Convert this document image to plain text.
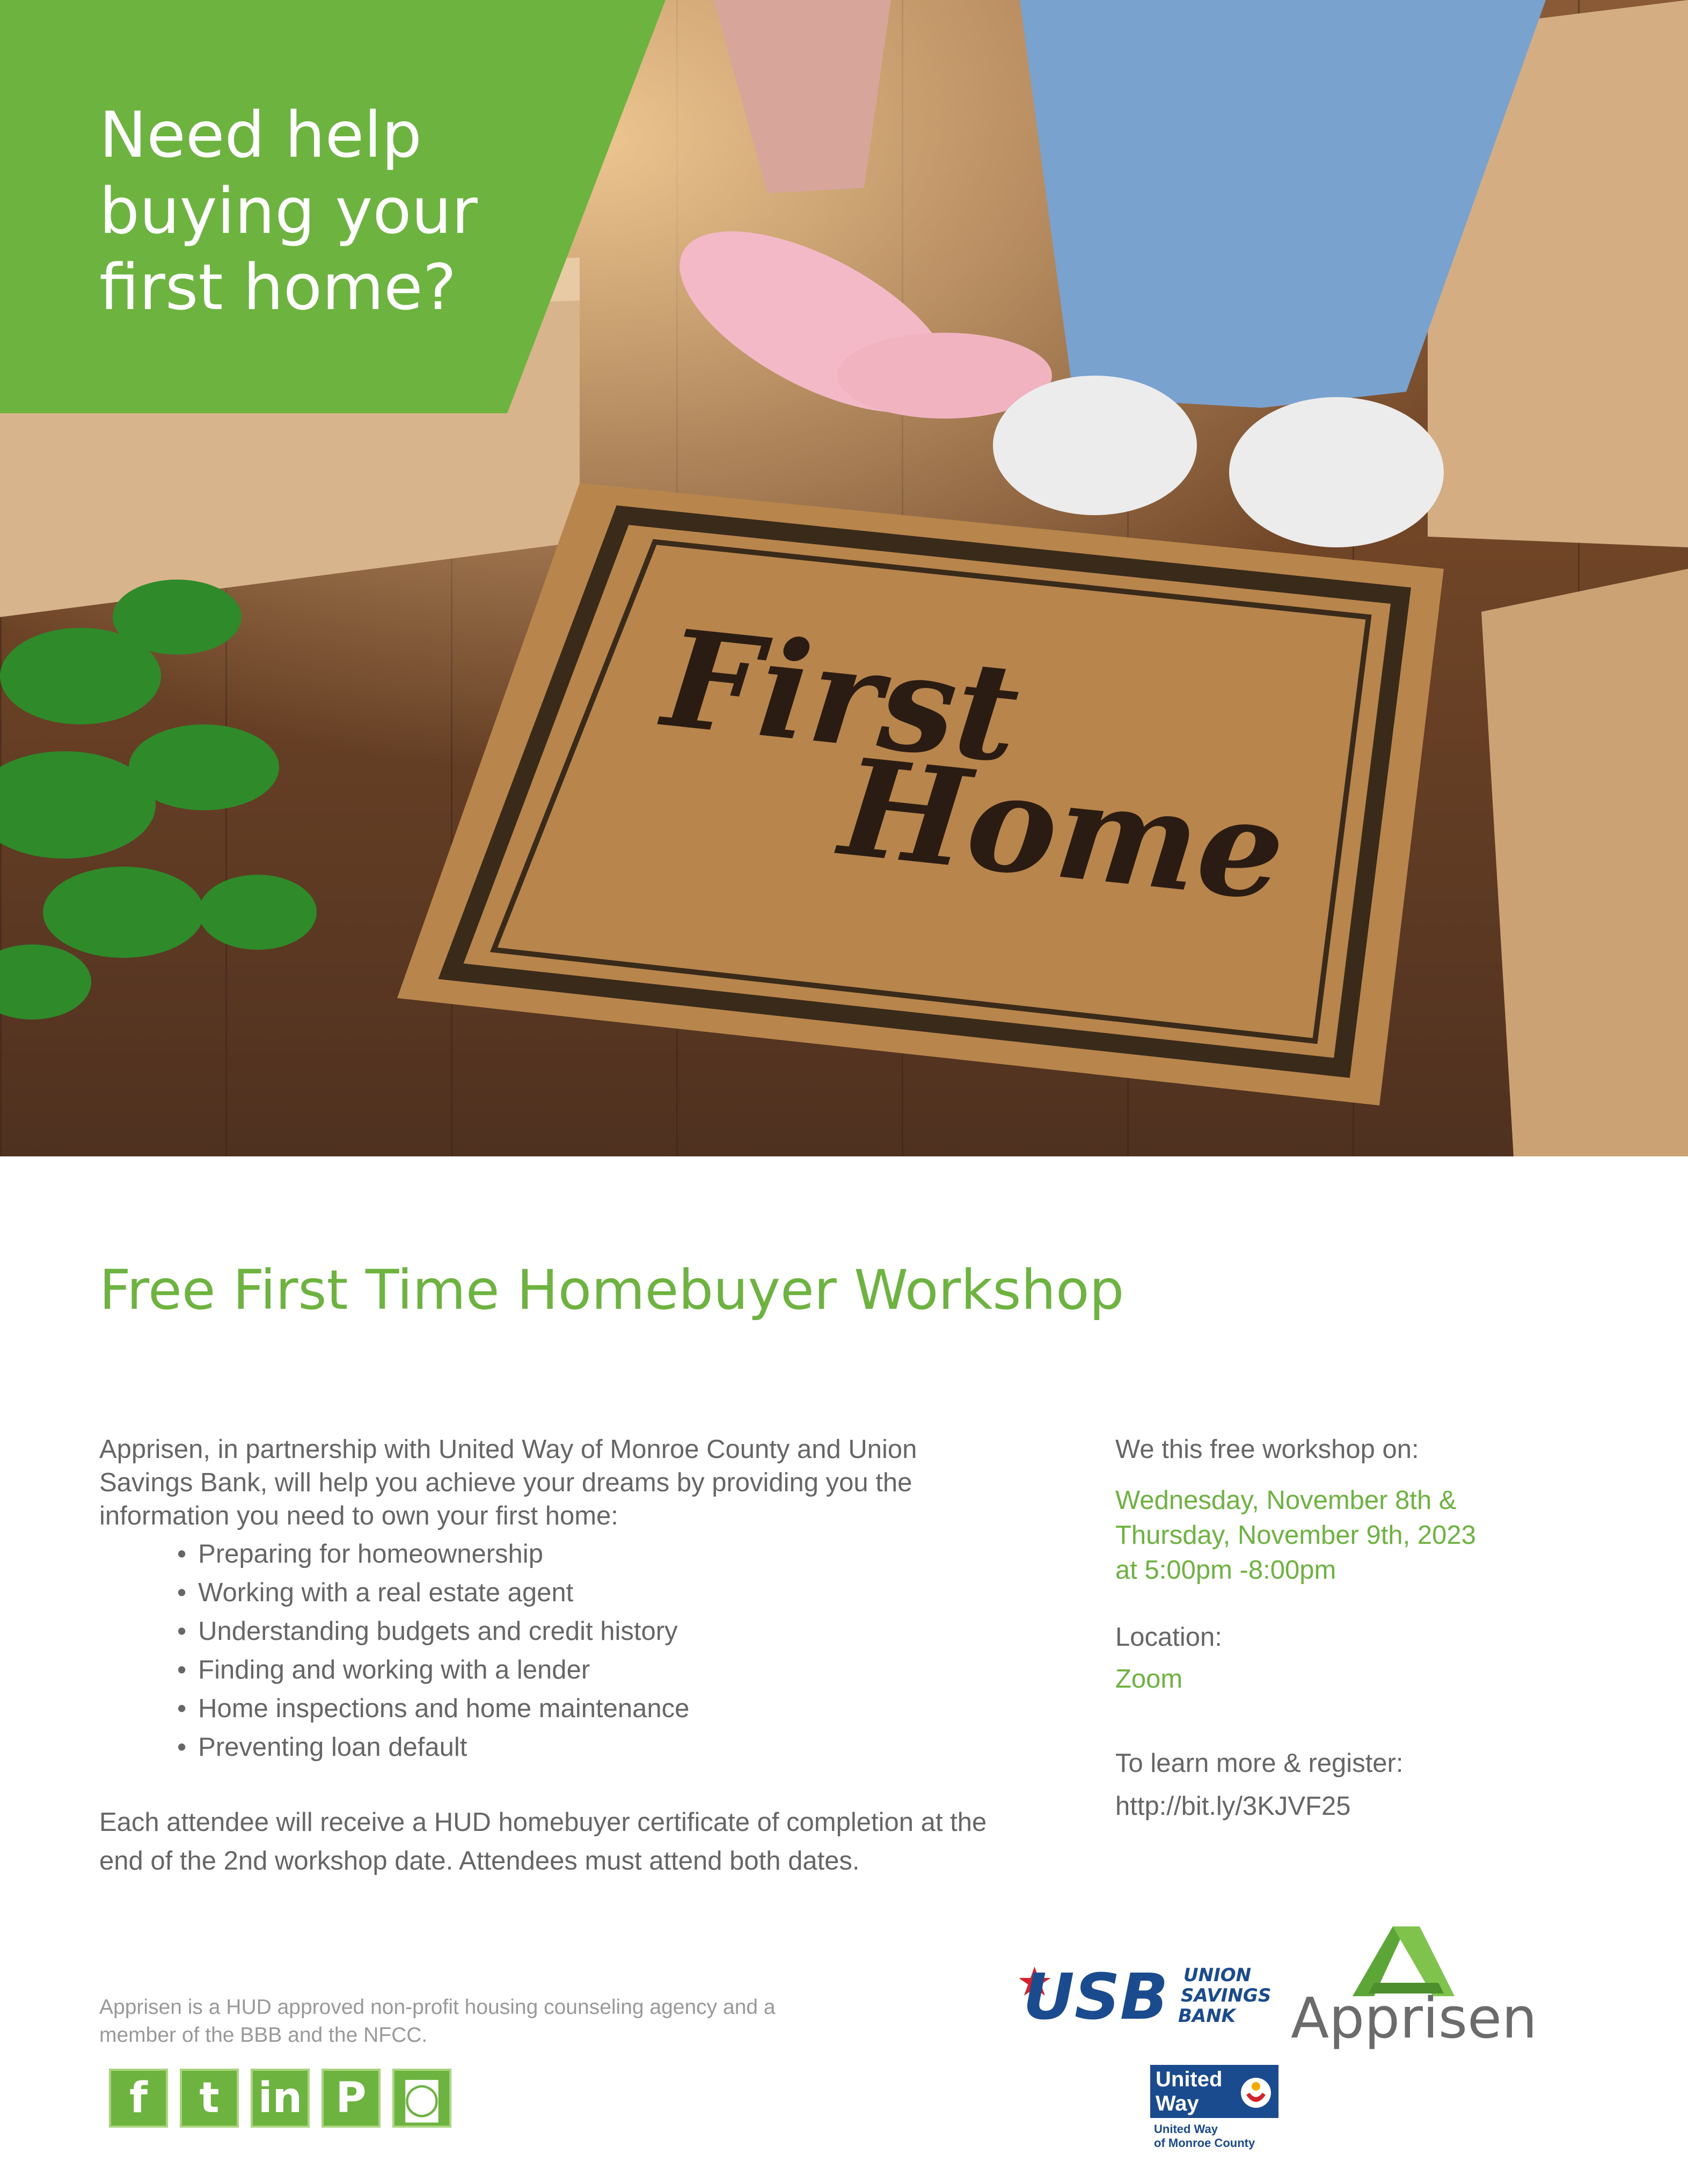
First
Home
Need help buying your first home?
Free First Time Homebuyer Workshop
Apprisen, in partnership with United Way of Monroe County and Union Savings Bank, will help you achieve your dreams by providing you the information you need to own your first home:
• Preparing for homeownership
• Working with a real estate agent
• Understanding budgets and credit history
• Finding and working with a lender
• Home inspections and home maintenance
• Preventing loan default
Each attendee will receive a HUD homebuyer certificate of completion at the end of the 2nd workshop date. Attendees must attend both dates.
We this free workshop on:
Wednesday, November 8th &
Thursday, November 9th, 2023
at 5:00pm -8:00pm
Location:
Zoom
To learn more & register:
http://bit.ly/3KJVF25
Apprisen is a HUD approved non-profit housing counseling agency and a member of the BBB and the NFCC.
f	t in P ◙
USB UNION
SAVINGS
BANK Apprisen
United
Way
United Way
of Monroe County
